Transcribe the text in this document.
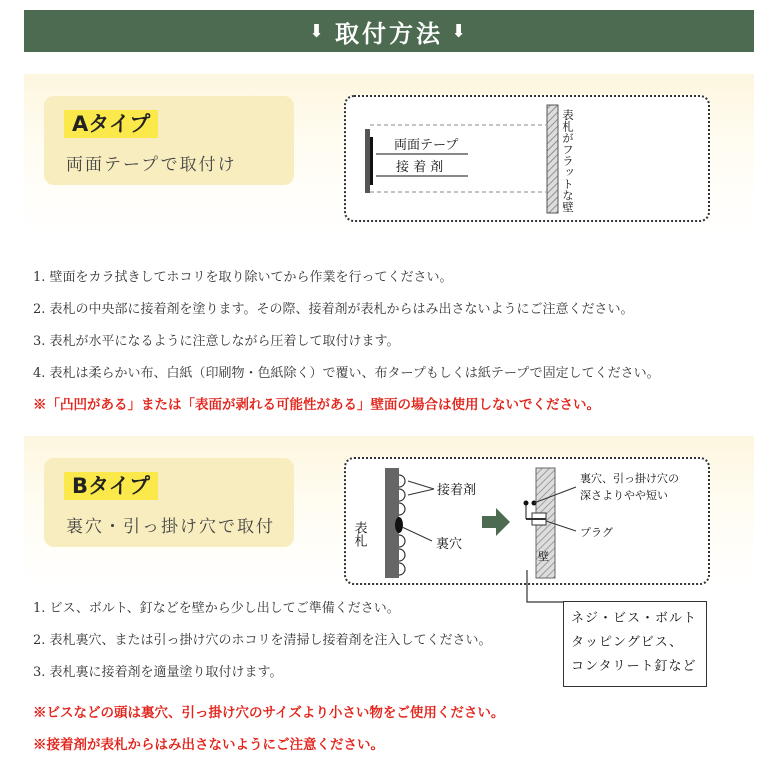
⬇ 取付方法 ⬇
Aタイプ
両面テープで取付け
両面テープ
接 着 剤	表札がフラットな壁
1. 壁面をカラ拭きしてホコリを取り除いてから作業を行ってください。
2. 表札の中央部に接着剤を塗ります。その際、接着剤が表札からはみ出さないようにご注意ください。
3. 表札が水平になるように注意しながら圧着して取付けます。
4. 表札は柔らかい布、白紙（印刷物・色紙除く）で覆い、布タープもしくは紙テープで固定してください。
※「凸凹がある」または「表面が剥れる可能性がある」壁面の場合は使用しないでください。
Bタイプ
裏穴・引っ掛け穴で取付	表札
接着剤
裏穴
壁
裏穴、引っ掛け穴の
深さよりやや短い
プラグ
1. ビス、ボルト、釘などを壁から少し出してご準備ください。
2. 表札裏穴、または引っ掛け穴のホコリを清掃し接着剤を注入してください。
3. 表札裏に接着剤を適量塗り取付けます。
ネジ・ビス・ボルト
タッピングビス、
コンタリート釘など
※ビスなどの頭は裏穴、引っ掛け穴のサイズより小さい物をご使用ください。
※接着剤が表札からはみ出さないようにご注意ください。
